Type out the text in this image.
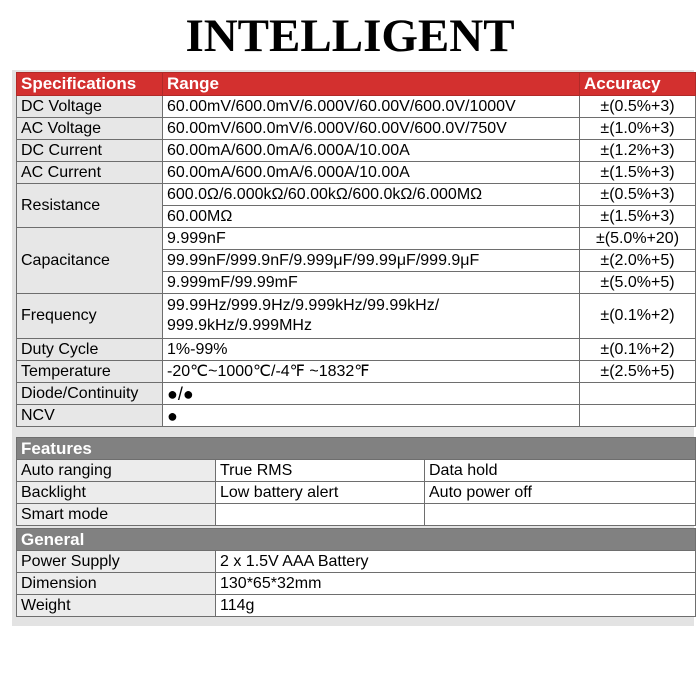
INTELLIGENT
Specifications	Range	Accuracy
DC Voltage	60.00mV/600.0mV/6.000V/60.00V/600.0V/1000V	±(0.5%+3)
AC Voltage	60.00mV/600.0mV/6.000V/60.00V/600.0V/750V	±(1.0%+3)
DC Current	60.00mA/600.0mA/6.000A/10.00A	±(1.2%+3)
AC Current	60.00mA/600.0mA/6.000A/10.00A	±(1.5%+3)
Resistance	600.0Ω/6.000kΩ/60.00kΩ/600.0kΩ/6.000MΩ	±(0.5%+3)
	60.00MΩ	±(1.5%+3)
Capacitance	9.999nF	±(5.0%+20)
	99.99nF/999.9nF/9.999μF/99.99μF/999.9μF	±(2.0%+5)
	9.999mF/99.99mF	±(5.0%+5)
Frequency	99.99Hz/999.9Hz/9.999kHz/99.99kHz/
999.9kHz/9.999MHz	±(0.1%+2)
Duty Cycle	1%-99%	±(0.1%+2)
Temperature	-20℃~1000℃/-4℉ ~1832℉	±(2.5%+5)
Diode/Continuity	●/●	
NCV	●	
Features		
Auto ranging	True RMS	Data hold
Backlight	Low battery alert	Auto power off
Smart mode		
General	
Power Supply	2 x 1.5V AAA Battery
Dimension	130*65*32mm
Weight	114g
